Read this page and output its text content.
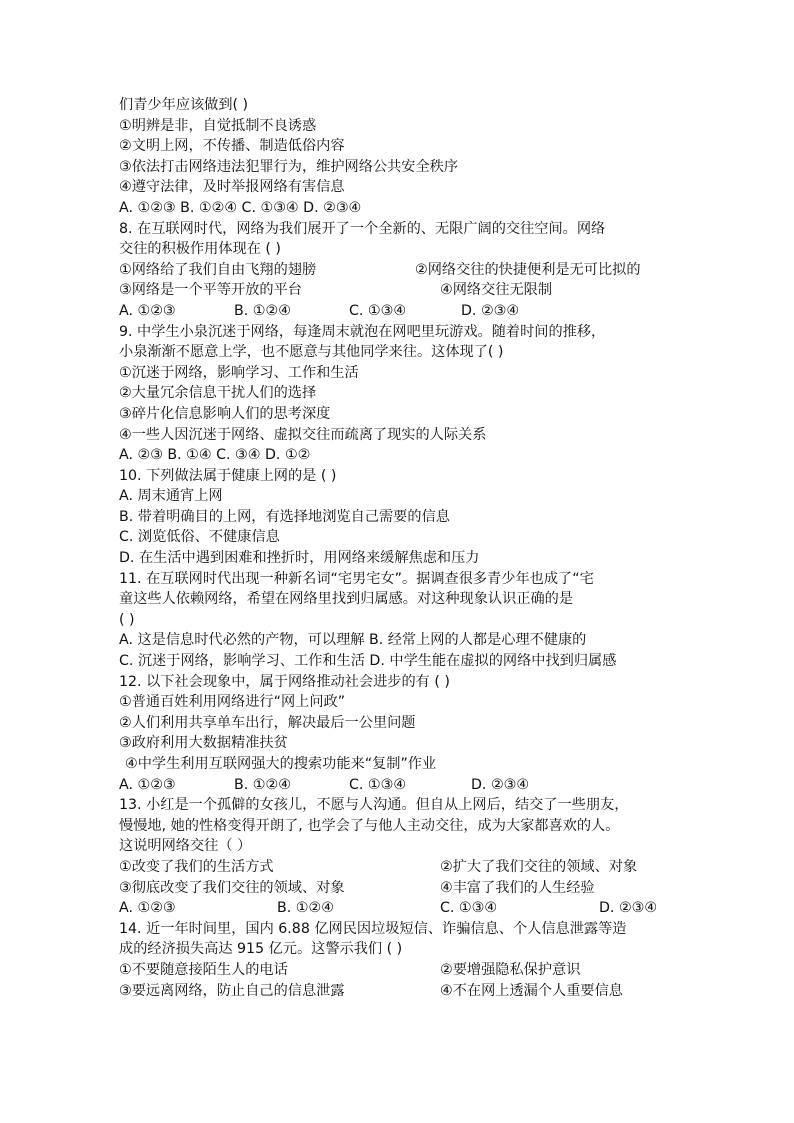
们青少年应该做到( )
①明辨是非，自觉抵制不良诱惑
②文明上网，不传播、制造低俗内容
③依法打击网络违法犯罪行为，维护网络公共安全秩序
④遵守法律，及时举报网络有害信息
A. ①②③ B. ①②④ C. ①③④ D. ②③④
8. 在互联网时代，网络为我们展开了一个全新的、无限广阔的交往空间。网络
交往的积极作用体现在 ( )
①网络给了我们自由飞翔的翅膀	②网络交往的快捷便利是无可比拟的
③网络是一个平等开放的平台	④网络交往无限制
A. ①②③	B. ①②④	C. ①③④	D. ②③④
9. 中学生小泉沉迷于网络，每逢周末就泡在网吧里玩游戏。随着时间的推移，
小泉渐渐不愿意上学，也不愿意与其他同学来往。这体现了( )
①沉迷于网络，影响学习、工作和生活
②大量冗余信息干扰人们的选择
③碎片化信息影响人们的思考深度
④一些人因沉迷于网络、虚拟交往而疏离了现实的人际关系
A. ②③ B. ①④ C. ③④ D. ①②
10. 下列做法属于健康上网的是 ( )
A. 周末通宵上网
B. 带着明确目的上网，有选择地浏览自己需要的信息
C. 浏览低俗、不健康信息
D. 在生活中遇到困难和挫折时，用网络来缓解焦虑和压力
11. 在互联网时代出现一种新名词“宅男宅女”。据调查很多青少年也成了“宅
童这些人依赖网络，希望在网络里找到归属感。对这种现象认识正确的是
( )
A. 这是信息时代必然的产物，可以理解 B. 经常上网的人都是心理不健康的
C. 沉迷于网络，影响学习、工作和生活 D. 中学生能在虚拟的网络中找到归属感
12. 以下社会现象中，属于网络推动社会进步的有 ( )
①普通百姓利用网络进行“网上问政”
②人们利用共享单车出行，解决最后一公里问题
③政府利用大数据精准扶贫
④中学生利用互联网强大的搜索功能来“复制”作业
A. ①②③	B. ①②④	C. ①③④	D. ②③④
13. 小红是一个孤僻的女孩儿，不愿与人沟通。但自从上网后，结交了一些朋友，
慢慢地, 她的性格变得开朗了, 也学会了与他人主动交往，成为大家都喜欢的人。
这说明网络交往（ ）
①改变了我们的生活方式	②扩大了我们交往的领域、对象
③彻底改变了我们交往的领域、对象	④丰富了我们的人生经验
A. ①②③	B. ①②④	C. ①③④	D. ②③④
14. 近一年时间里，国内 6.88 亿网民因垃圾短信、诈骗信息、个人信息泄露等造
成的经济损失高达 915 亿元。这警示我们 ( )
①不要随意接陌生人的电话	②要增强隐私保护意识
③要远离网络，防止自己的信息泄露	④不在网上透漏个人重要信息
